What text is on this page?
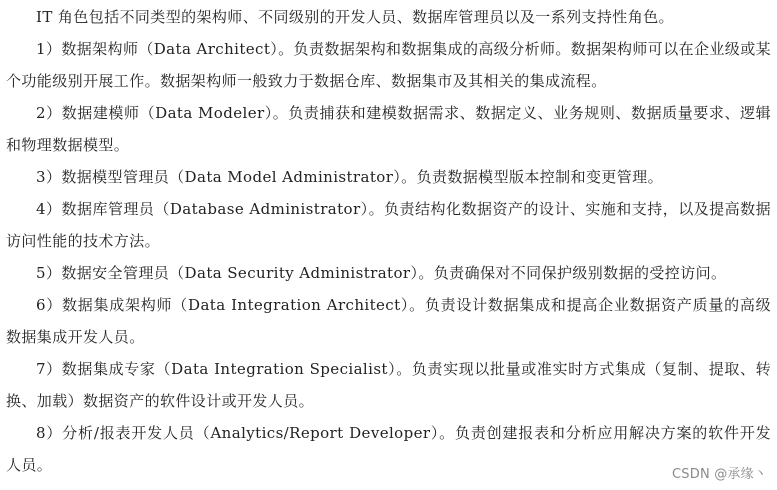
IT 角色包括不同类型的架构师、不同级别的开发人员、数据库管理员以及一系列支持性角色。

1）数据架构师（Data Architect）。负责数据架构和数据集成的高级分析师。数据架构师可以在企业级或某个功能级别开展工作。数据架构师一般致力于数据仓库、数据集市及其相关的集成流程。

2）数据建模师（Data Modeler）。负责捕获和建模数据需求、数据定义、业务规则、数据质量要求、逻辑和物理数据模型。

3）数据模型管理员（Data Model Administrator）。负责数据模型版本控制和变更管理。

4）数据库管理员（Database Administrator）。负责结构化数据资产的设计、实施和支持，以及提高数据访问性能的技术方法。

5）数据安全管理员（Data Security Administrator）。负责确保对不同保护级别数据的受控访问。

6）数据集成架构师（Data Integration Architect）。负责设计数据集成和提高企业数据资产质量的高级数据集成开发人员。

7）数据集成专家（Data Integration Specialist）。负责实现以批量或准实时方式集成（复制、提取、转换、加载）数据资产的软件设计或开发人员。

8）分析/报表开发人员（Analytics/Report Developer）。负责创建报表和分析应用解决方案的软件开发人员。

CSDN @承缘丶
